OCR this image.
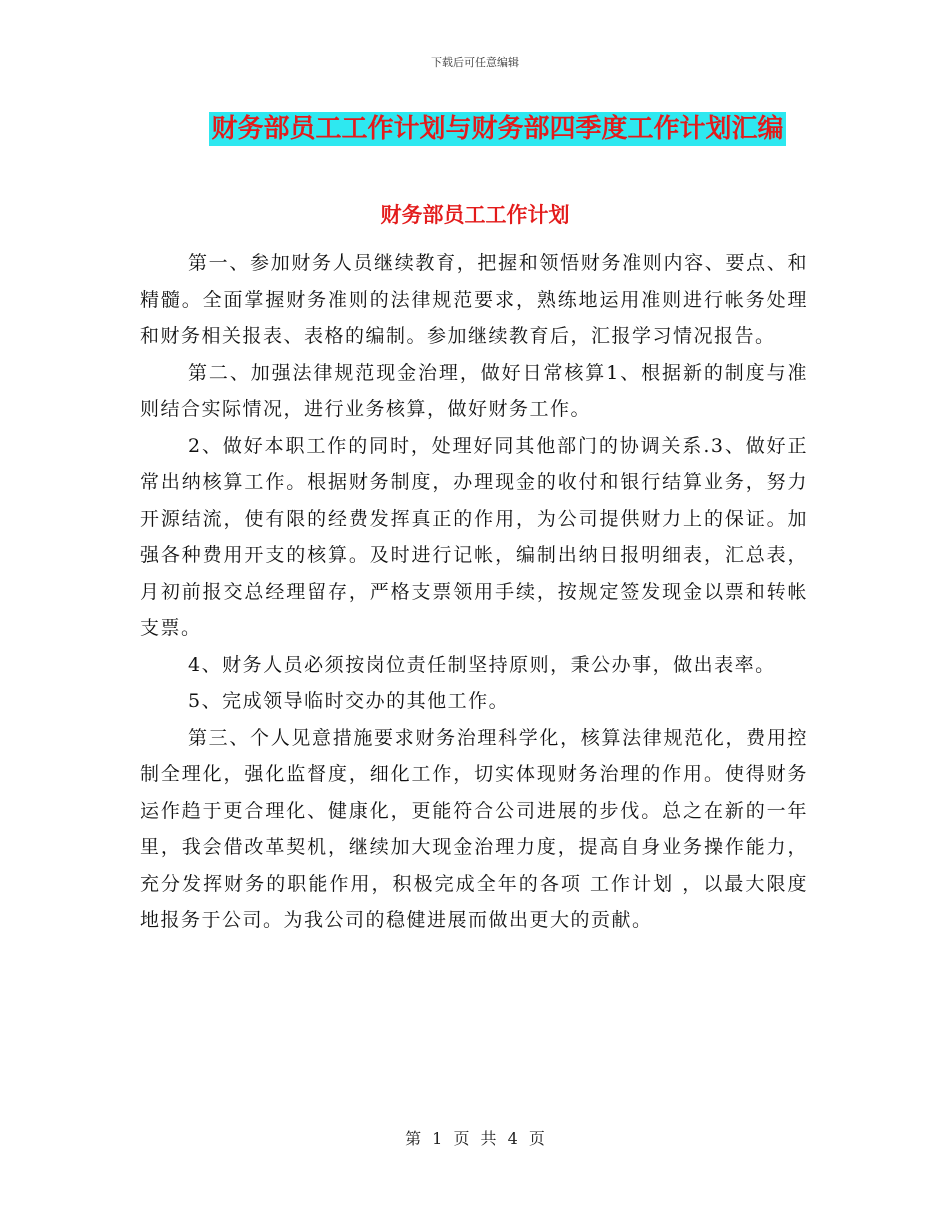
下载后可任意编辑
财务部员工工作计划与财务部四季度工作计划汇编
财务部员工工作计划

第一、参加财务人员继续教育，把握和领悟财务准则内容、要点、和精髓。全面掌握财务准则的法律规范要求，熟练地运用准则进行帐务处理和财务相关报表、表格的编制。参加继续教育后，汇报学习情况报告。

第二、加强法律规范现金治理，做好日常核算1、根据新的制度与准则结合实际情况，进行业务核算，做好财务工作。

2、做好本职工作的同时，处理好同其他部门的协调关系.3、做好正常出纳核算工作。根据财务制度，办理现金的收付和银行结算业务，努力开源结流，使有限的经费发挥真正的作用，为公司提供财力上的保证。加强各种费用开支的核算。及时进行记帐，编制出纳日报明细表，汇总表，月初前报交总经理留存，严格支票领用手续，按规定签发现金以票和转帐支票。

4、财务人员必须按岗位责任制坚持原则，秉公办事，做出表率。

5、完成领导临时交办的其他工作。

第三、个人见意措施要求财务治理科学化，核算法律规范化，费用控制全理化，强化监督度，细化工作，切实体现财务治理的作用。使得财务运作趋于更合理化、健康化，更能符合公司进展的步伐。总之在新的一年里，我会借改革契机，继续加大现金治理力度，提高自身业务操作能力，充分发挥财务的职能作用，积极完成全年的各项 工作计划 ，以最大限度地报务于公司。为我公司的稳健进展而做出更大的贡献。

第 1 页 共 4 页
